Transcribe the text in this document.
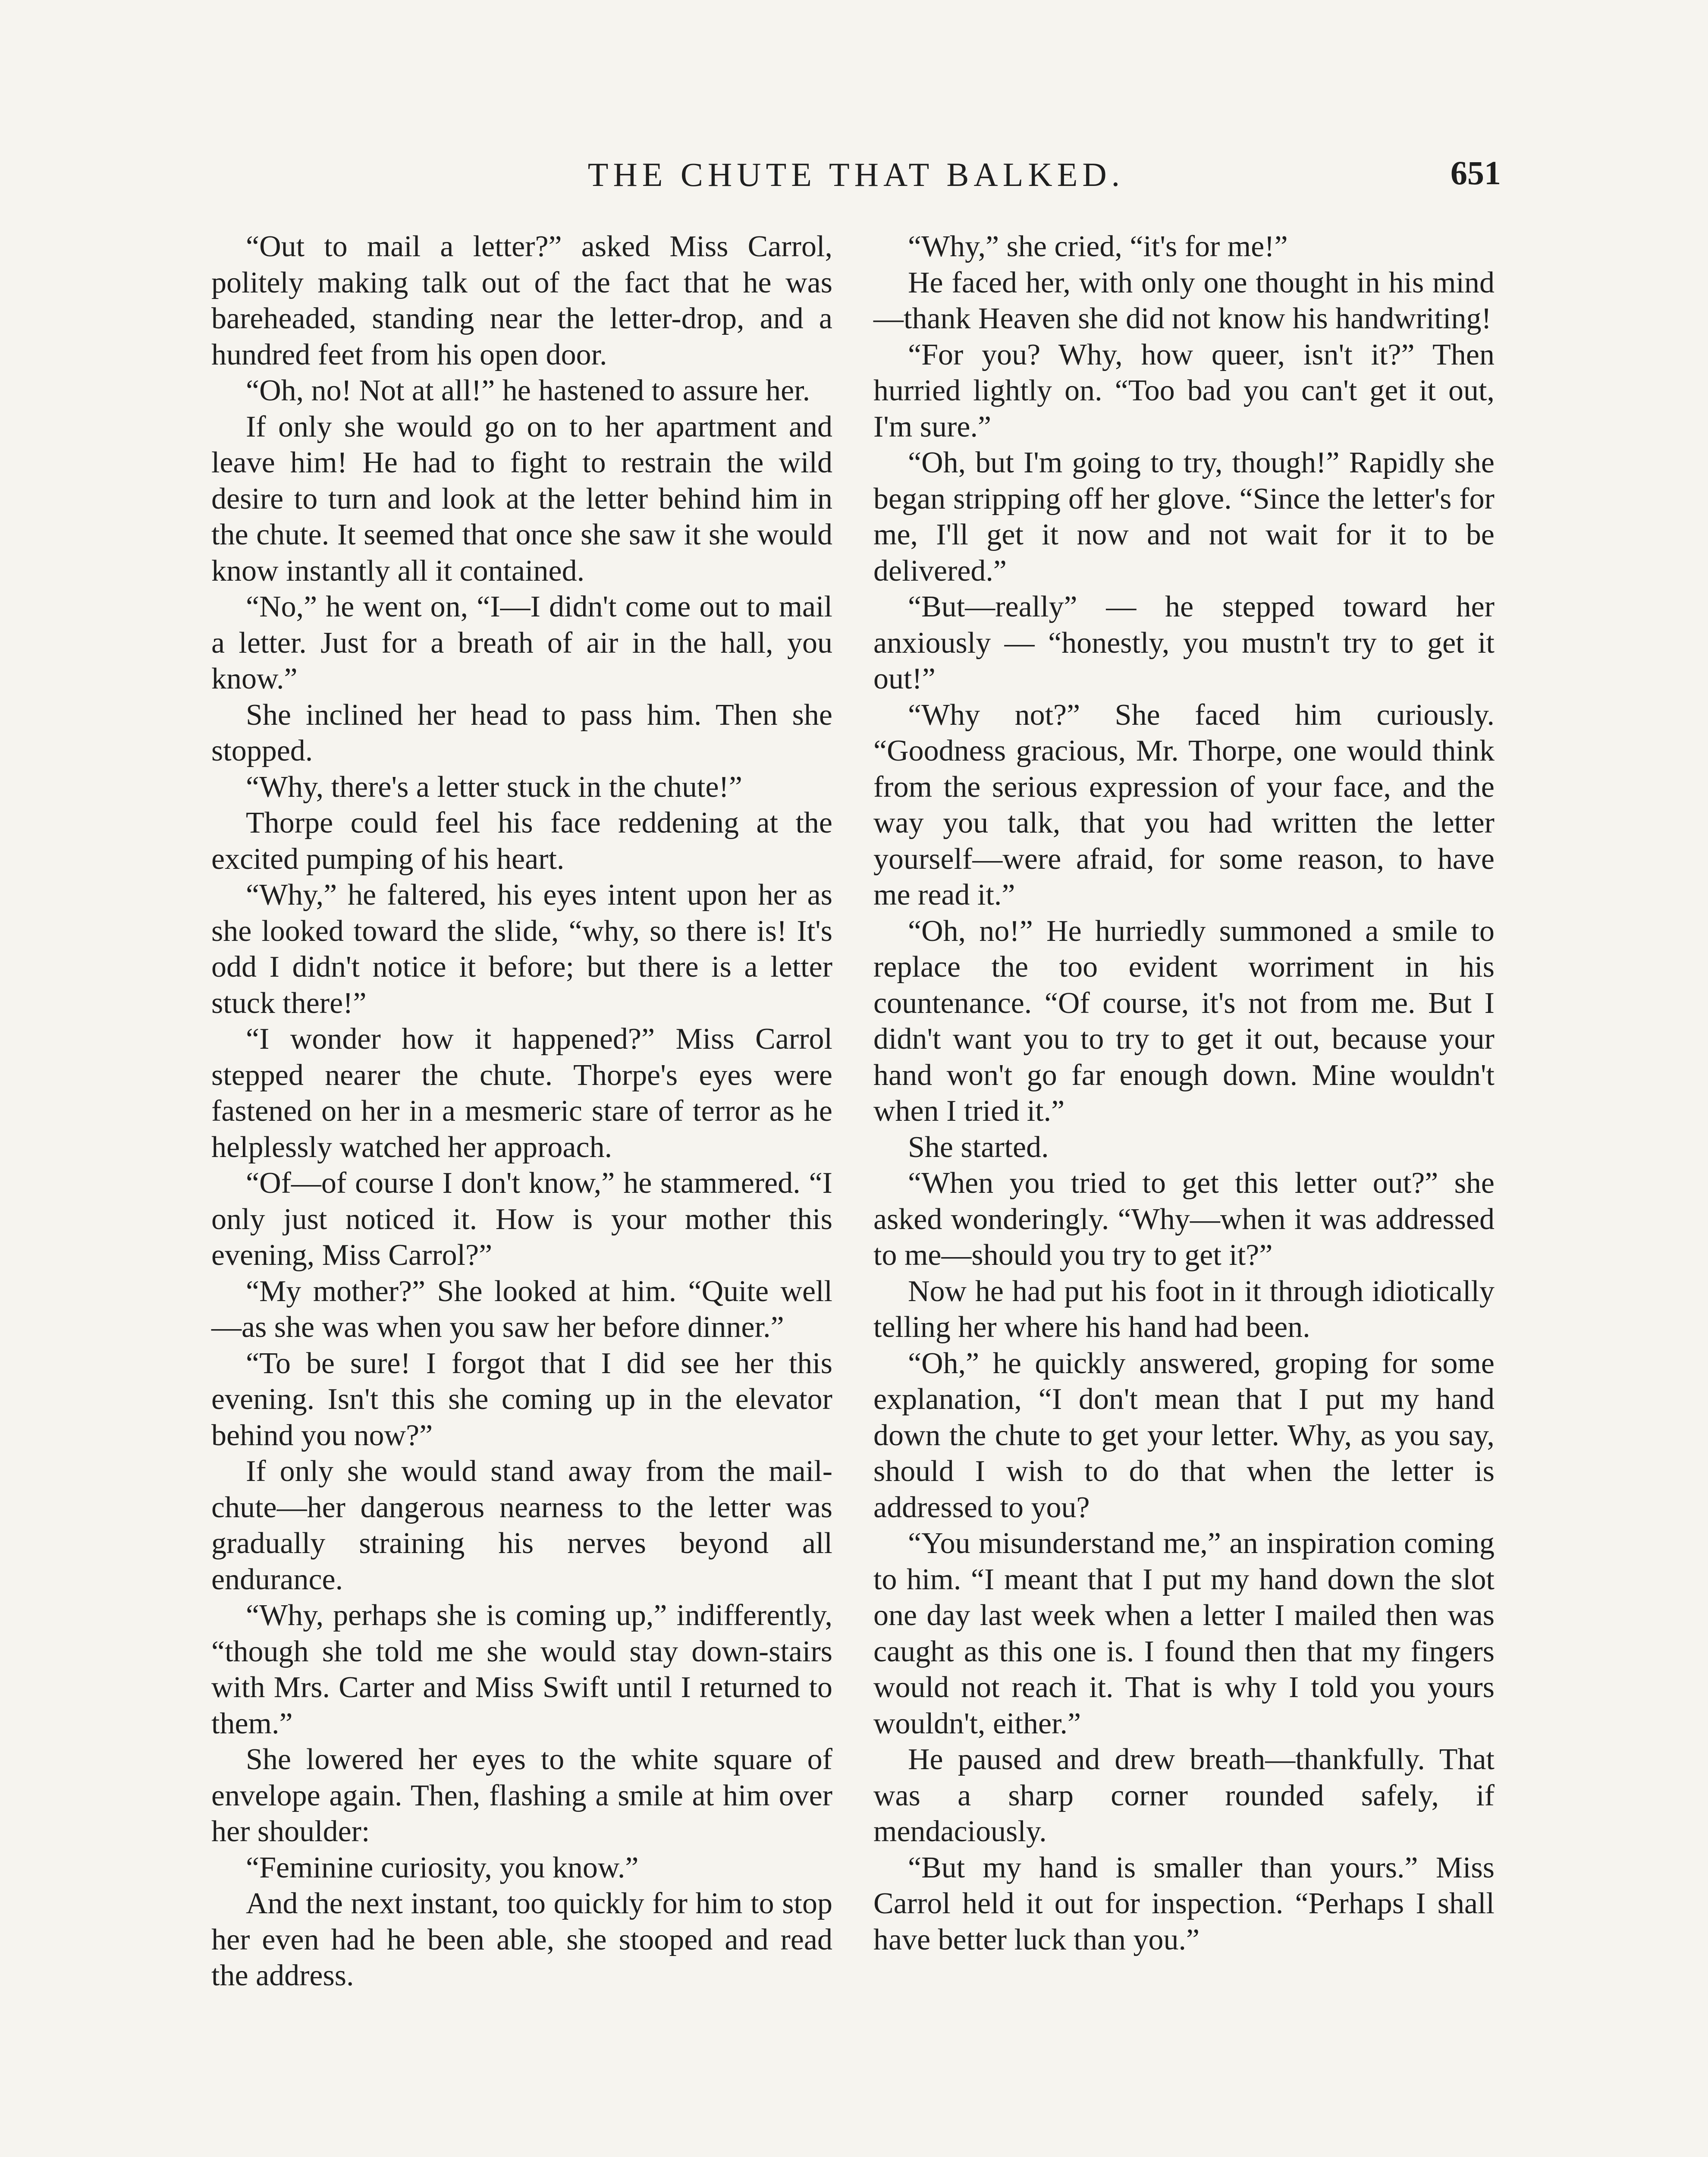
THE CHUTE THAT BALKED.	651

“Out to mail a letter?” asked Miss Carrol, politely making talk out of the fact that he was bareheaded, standing near the letter-drop, and a hundred feet from his open door.

“Oh, no! Not at all!” he hastened to assure her.

If only she would go on to her apartment and leave him! He had to fight to restrain the wild desire to turn and look at the letter behind him in the chute. It seemed that once she saw it she would know instantly all it contained.

“No,” he went on, “I—I didn't come out to mail a letter. Just for a breath of air in the hall, you know.”

She inclined her head to pass him. Then she stopped.

“Why, there's a letter stuck in the chute!”

Thorpe could feel his face reddening at the excited pumping of his heart.

“Why,” he faltered, his eyes intent upon her as she looked toward the slide, “why, so there is! It's odd I didn't notice it before; but there is a letter stuck there!”

“I wonder how it happened?” Miss Carrol stepped nearer the chute. Thorpe's eyes were fastened on her in a mesmeric stare of terror as he helplessly watched her approach.

“Of—of course I don't know,” he stammered. “I only just noticed it. How is your mother this evening, Miss Carrol?”

“My mother?” She looked at him. “Quite well—as she was when you saw her before dinner.”

“To be sure! I forgot that I did see her this evening. Isn't this she coming up in the elevator behind you now?”

If only she would stand away from the mail-chute—her dangerous nearness to the letter was gradually straining his nerves beyond all endurance.

“Why, perhaps she is coming up,” indifferently, “though she told me she would stay down-stairs with Mrs. Carter and Miss Swift until I returned to them.”

She lowered her eyes to the white square of envelope again. Then, flashing a smile at him over her shoulder:

“Feminine curiosity, you know.”

And the next instant, too quickly for him to stop her even had he been able, she stooped and read the address.

“Why,” she cried, “it's for me!”

He faced her, with only one thought in his mind—thank Heaven she did not know his handwriting!

“For you? Why, how queer, isn't it?” Then hurried lightly on. “Too bad you can't get it out, I'm sure.”

“Oh, but I'm going to try, though!” Rapidly she began stripping off her glove. “Since the letter's for me, I'll get it now and not wait for it to be delivered.”

“But—really” — he stepped toward her anxiously — “honestly, you mustn't try to get it out!”

“Why not?” She faced him curiously. “Goodness gracious, Mr. Thorpe, one would think from the serious expression of your face, and the way you talk, that you had written the letter yourself—were afraid, for some reason, to have me read it.”

“Oh, no!” He hurriedly summoned a smile to replace the too evident worriment in his countenance. “Of course, it's not from me. But I didn't want you to try to get it out, because your hand won't go far enough down. Mine wouldn't when I tried it.”

She started.

“When you tried to get this letter out?” she asked wonderingly. “Why—when it was addressed to me—should you try to get it?”

Now he had put his foot in it through idiotically telling her where his hand had been.

“Oh,” he quickly answered, groping for some explanation, “I don't mean that I put my hand down the chute to get your letter. Why, as you say, should I wish to do that when the letter is addressed to you?

“You misunderstand me,” an inspiration coming to him. “I meant that I put my hand down the slot one day last week when a letter I mailed then was caught as this one is. I found then that my fingers would not reach it. That is why I told you yours wouldn't, either.”

He paused and drew breath—thankfully. That was a sharp corner rounded safely, if mendaciously.

“But my hand is smaller than yours.” Miss Carrol held it out for inspection. “Perhaps I shall have better luck than you.”
